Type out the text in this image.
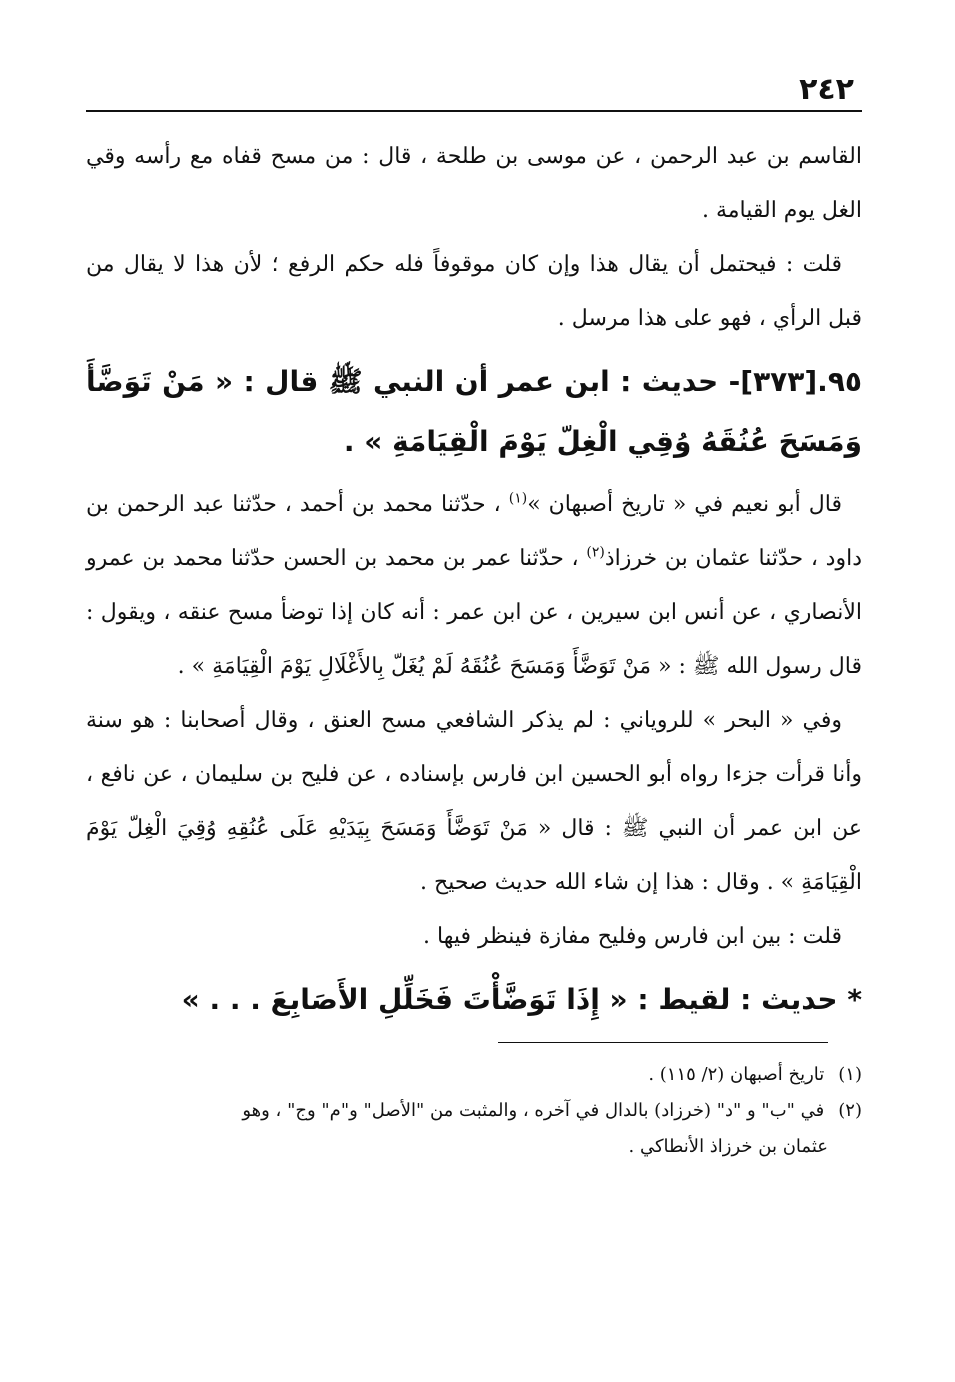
٢٤٢

القاسم بن عبد الرحمن ، عن موسى بن طلحة ، قال : من مسح قفاه مع رأسه وقي الغل يوم القيامة .

قلت : فيحتمل أن يقال هذا وإن كان موقوفاً فله حكم الرفع ؛ لأن هذا لا يقال من قبل الرأي ، فهو على هذا مرسل .

٩٥.[٣٧٣]- حديث : ابن عمر أن النبي ﷺ قال : « مَنْ تَوَضَّأَ وَمَسَحَ عُنُقَهُ وُقِي الْغِلّ يَوْمَ الْقِيَامَةِ » .

قال أبو نعيم في « تاريخ أصبهان »$^{(١)}$ ، حدّثنا محمد بن أحمد ، حدّثنا عبد الرحمن بن داود ، حدّثنا عثمان بن خرزاذ$^{(٢)}$ ، حدّثنا عمر بن محمد بن الحسن حدّثنا محمد بن عمرو الأنصاري ، عن أنس ابن سيرين ، عن ابن عمر : أنه كان إذا توضأ مسح عنقه ، ويقول : قال رسول الله ﷺ : « مَنْ تَوَضَّأَ وَمَسَحَ عُنُقَهُ لَمْ يُغَلّ بِالأَغْلَالِ يَوْمَ الْقِيَامَةِ » .

وفي « البحر » للروياني : لم يذكر الشافعي مسح العنق ، وقال أصحابنا : هو سنة وأنا قرأت جزءا رواه أبو الحسين ابن فارس بإسناده ، عن فليح بن سليمان ، عن نافع ، عن ابن عمر أن النبي ﷺ : قال « مَنْ تَوَضَّأَ وَمَسَحَ بِيَدَيْهِ عَلَى عُنُقِهِ وُقِيَ الْغِلّ يَوْمَ الْقِيَامَةِ » . وقال : هذا إن شاء الله حديث صحيح .

قلت : بين ابن فارس وفليح مفازة فينظر فيها .

* حديث : لقيط : « إِذَا تَوَضَّأْتَ فَخَلِّلِ الأَصَابِعَ . . . »

(١) تاريخ أصبهان (٢/ ١١٥) .

(٢) في "ب" و "د" (خرزاد) بالدال في آخره ، والمثبت من "الأصل" و"م" وج" ، وهو

عثمان بن خرزاذ الأنطاكي .
